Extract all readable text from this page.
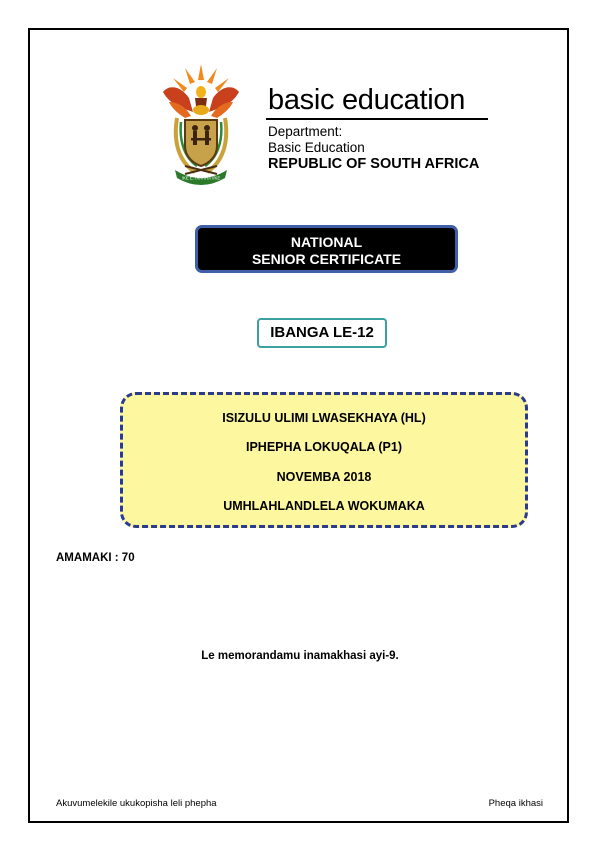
!KE E: /XARRA //KE
basic education
Department:
Basic Education
REPUBLIC OF SOUTH AFRICA
NATIONAL
SENIOR CERTIFICATE
IBANGA LE-12
ISIZULU ULIMI LWASEKHAYA (HL)
IPHEPHA LOKUQALA (P1)
NOVEMBA 2018
UMHLAHLANDLELA WOKUMAKA
AMAMAKI : 70
Le memorandamu inamakhasi ayi-9.
Akuvumelekile ukukopisha leli phepha	Pheqa ikhasi
